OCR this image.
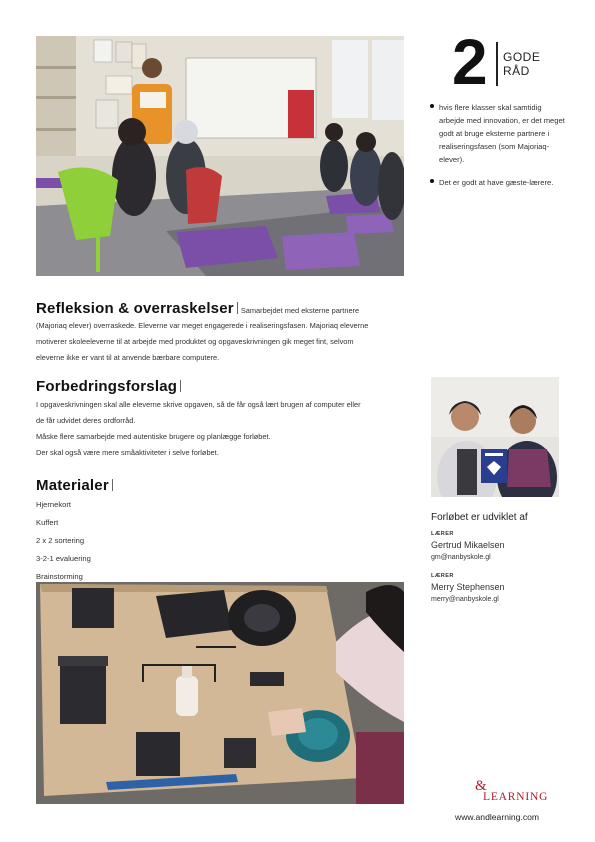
2 GODE
RÅD
hvis flere klasser skal samtidig arbejde med innovation, er det meget godt at bruge eksterne partnere i realiseringsfasen (som Majoriaq-elever).
Det er godt at have gæste-lærere.
Refleksion & overraskelser Samarbejdet med eksterne partnere

(Majoriaq elever) overraskede. Eleverne var meget engagerede i realiseringsfasen. Majoriaq eleverne

motiverer skoleeleverne til at arbejde med produktet og opgaveskrivningen gik meget fint, selvom

eleverne ikke er vant til at anvende bærbare computere.

Forbedringsforslag

I opgaveskrivningen skal alle eleverne skrive opgaven, så de får også lært brugen af computer eller

de får udvidet deres ordforråd.

Måske flere samarbejde med autentiske brugere og planlægge forløbet.

Der skal også være mere småaktiviteter i selve forløbet.

Materialer
Hjernekort
Kuffert
2 x 2 sortering
3-2-1 evaluering
Brainstorming
Forløbet er udviklet af
LÆRER
Gertrud Mikaelsen
gm@nanbyskole.gl
LÆRER
Merry Stephensen
merry@nanbyskole.gl
&
LEARNING
www.andlearning.com
